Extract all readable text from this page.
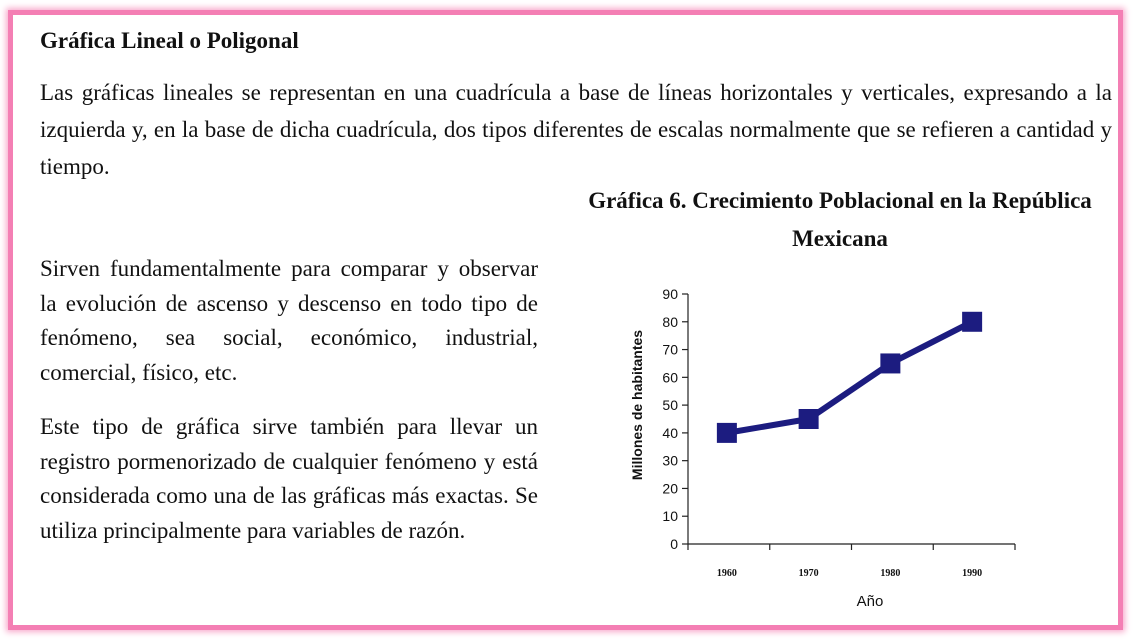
Gráfica Lineal o Poligonal
Las gráficas lineales se representan en una cuadrícula a base de líneas horizontales y verticales, expresando a la izquierda y, en la base de dicha cuadrícula, dos tipos diferentes de escalas normalmente que se refieren a cantidad y tiempo.
Sirven fundamentalmente para comparar y observar la evolución de ascenso y descenso en todo tipo de fenómeno, sea social, económico, industrial, comercial, físico, etc.
Este tipo de gráfica sirve también para llevar un registro pormenorizado de cualquier fenómeno y está considerada como una de las gráficas más exactas. Se utiliza principalmente para variables de razón.
Gráfica 6. Crecimiento Poblacional en la República Mexicana
0
10
20
30
40
50
60
70
80
90
1960	1970	1980	1990
Millones de habitantes
Año
